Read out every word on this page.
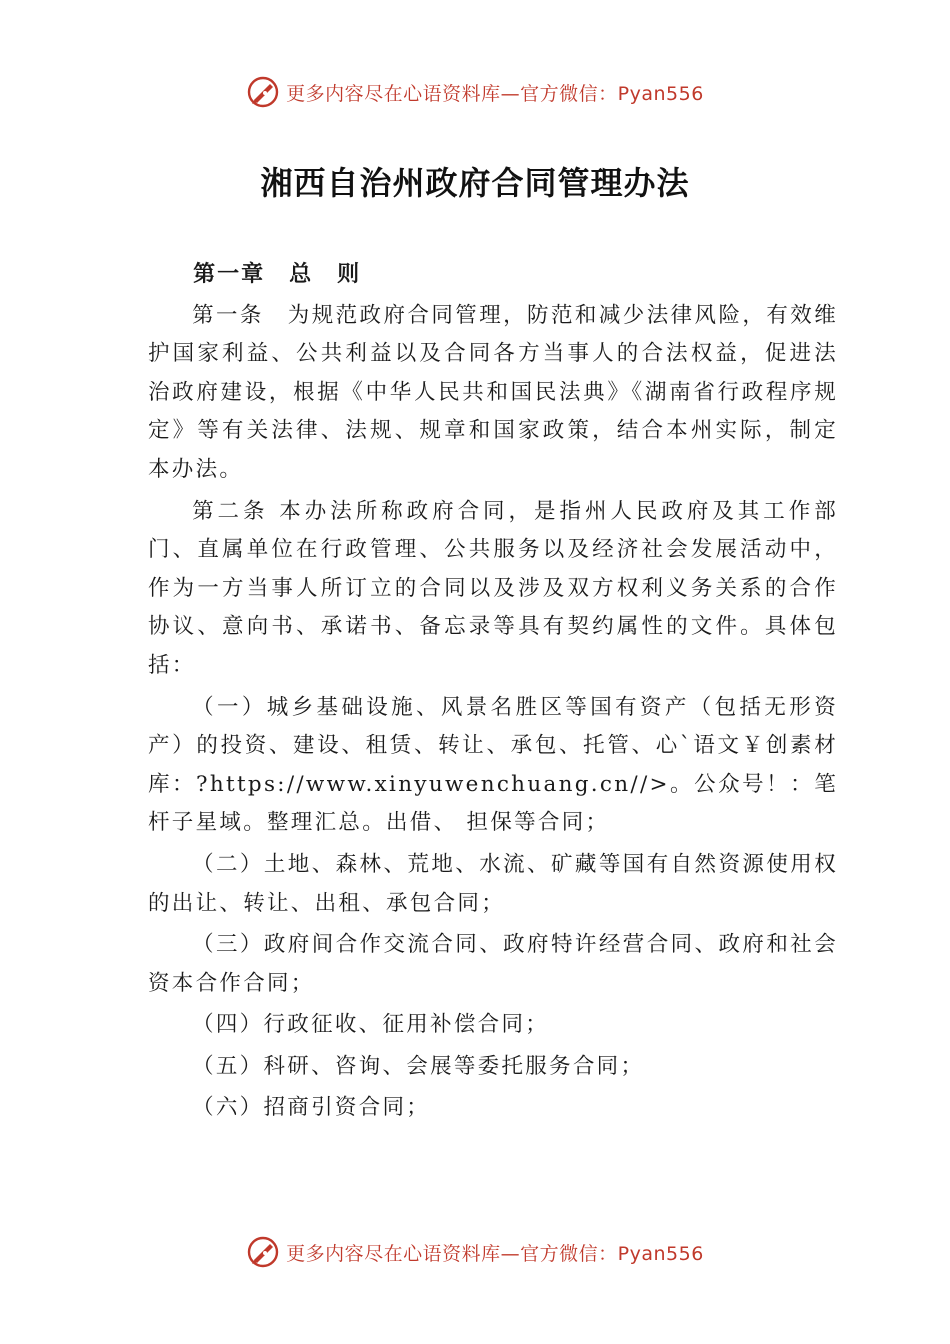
更多内容尽在心语资料库—官方微信：Pyan556
湘西自治州政府合同管理办法

第一章　总　则

第一条　为规范政府合同管理，防范和减少法律风险，有效维护国家利益、公共利益以及合同各方当事人的合法权益，促进法治政府建设，根据《中华人民共和国民法典》《湖南省行政程序规定》等有关法律、法规、规章和国家政策，结合本州实际，制定本办法。

第二条 本办法所称政府合同，是指州人民政府及其工作部门、直属单位在行政管理、公共服务以及经济社会发展活动中，作为一方当事人所订立的合同以及涉及双方权利义务关系的合作协议、意向书、承诺书、备忘录等具有契约属性的文件。具体包括：

（一）城乡基础设施、风景名胜区等国有资产（包括无形资产）的投资、建设、租赁、转让、承包、托管、心`语文￥创素材库：?https://www.xinyuwenchuang.cn//>。公众号！：笔杆子星域。整理汇总。出借、 担保等合同；

（二）土地、森林、荒地、水流、矿藏等国有自然资源使用权的出让、转让、出租、承包合同；

（三）政府间合作交流合同、政府特许经营合同、政府和社会资本合作合同；

（四）行政征收、征用补偿合同；

（五）科研、咨询、会展等委托服务合同；

（六）招商引资合同；

更多内容尽在心语资料库—官方微信：Pyan556
